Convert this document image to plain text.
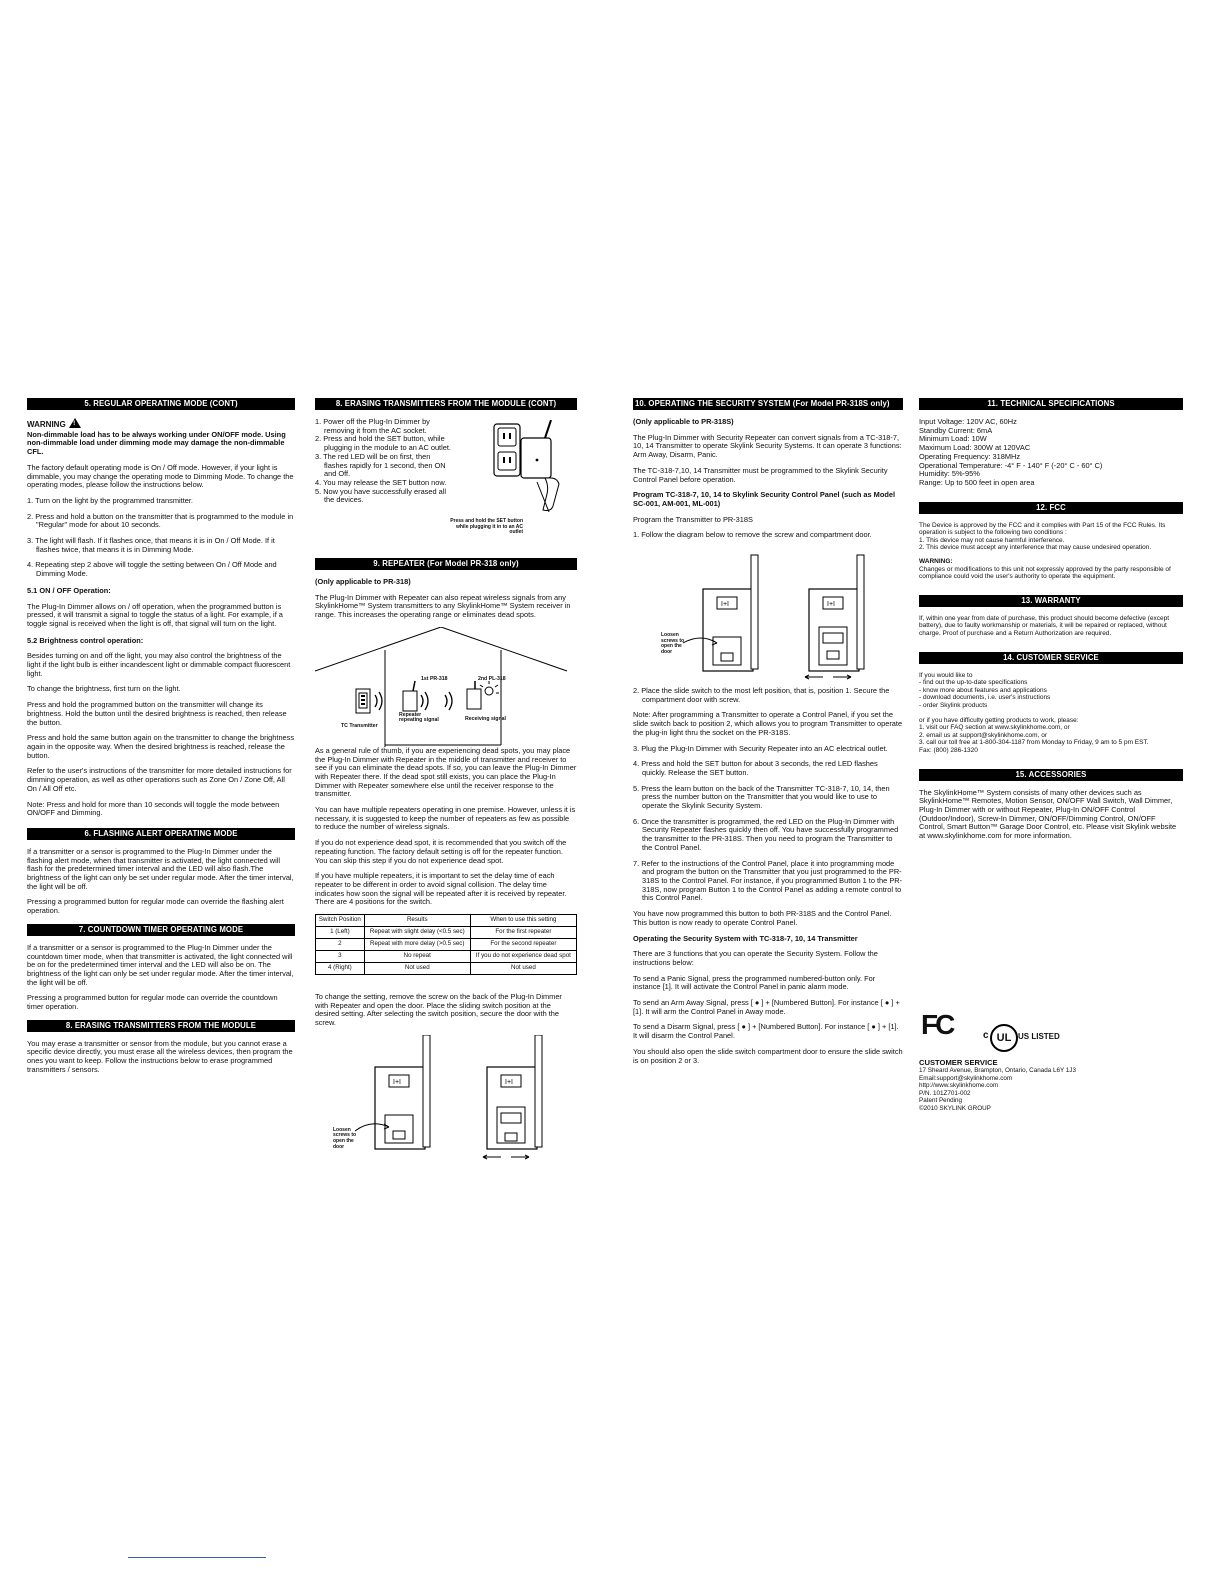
5. REGULAR OPERATING MODE (CONT)
WARNING!

Non-dimmable load has to be always working under ON/OFF mode. Using non-dimmable load under dimming mode may damage the non-dimmable CFL.

The factory default operating mode is On / Off mode. However, if your light is dimmable, you may change the operating mode to Dimming Mode. To change the operating modes, please follow the instructions below.

1. Turn on the light by the programmed transmitter.
2. Press and hold a button on the transmitter that is programmed to the module in "Regular" mode for about 10 seconds.
3. The light will flash. If it flashes once, that means it is in On / Off Mode. If it flashes twice, that means it is in Dimming Mode.
4. Repeating step 2 above will toggle the setting between On / Off Mode and Dimming Mode.
5.1 ON / OFF Operation:

The Plug-In Dimmer allows on / off operation, when the programmed button is pressed, it will transmit a signal to toggle the status of a light. For example, if a toggle signal is received when the light is off, that signal will turn on the light.

5.2 Brightness control operation:

Besides turning on and off the light, you may also control the brightness of the light if the light bulb is either incandescent light or dimmable compact fluorescent light.

To change the brightness, first turn on the light.

Press and hold the programmed button on the transmitter will change its brightness. Hold the button until the desired brightness is reached, then release the button.

Press and hold the same button again on the transmitter to change the brightness again in the opposite way. When the desired brightness is reached, release the button.

Refer to the user's instructions of the transmitter for more detailed instructions for dimming operation, as well as other operations such as Zone On / Zone Off, All On / All Off etc.

Note: Press and hold for more than 10 seconds will toggle the mode between ON/OFF and Dimming.

6. FLASHING ALERT OPERATING MODE

If a transmitter or a sensor is programmed to the Plug-In Dimmer under the flashing alert mode, when that transmitter is activated, the light connected will flash for the predetermined timer interval and the LED will also flash.The brightness of the light can only be set under regular mode. After the timer interval, the light will be off.

Pressing a programmed button for regular mode can override the flashing alert operation.

7. COUNTDOWN TIMER OPERATING MODE

If a transmitter or a sensor is programmed to the Plug-In Dimmer under the countdown timer mode, when that transmitter is activated, the light connected will be on for the predetermined timer interval and the LED will also be on. The brightness of the light can only be set under regular mode. After the timer interval, the light will be off.

Pressing a programmed button for regular mode can override the countdown timer operation.

8. ERASING TRANSMITTERS FROM THE MODULE

You may erase a transmitter or sensor from the module, but you cannot erase a specific device directly, you must erase all the wireless devices, then program the ones you want to keep. Follow the instructions below to erase programmed transmitters / sensors.

8. ERASING TRANSMITTERS FROM THE MODULE (CONT)
1. Power off the Plug-In Dimmer by removing it from the AC socket.
2. Press and hold the SET button, while plugging in the module to an AC outlet.
3. The red LED will be on first, then flashes rapidly for 1 second, then ON and Off.
4. You may release the SET button now.
5. Now you have successfully erased all the devices.
Press and hold the SET button while plugging it in to an AC outlet
9. REPEATER (For Model PR-318 only)

(Only applicable to PR-318)

The Plug-In Dimmer with Repeater can also repeat wireless signals from any SkylinkHome™ System transmitters to any SkylinkHome™ System receiver in range. This increases the operating range or eliminates dead spots.

1st PR-318	2nd PL-318
TC Transmitter
Repeater repeating signal	Receiving signal

As a general rule of thumb, if you are experiencing dead spots, you may place the Plug-In Dimmer with Repeater in the middle of transmitter and receiver to see if you can eliminate the dead spots. If so, you can leave the Plug-In Dimmer with Repeater there. If the dead spot still exists, you can place the Plug-In Dimmer with Repeater somewhere else until the receiver response to the transmitter.

You can have multiple repeaters operating in one premise. However, unless it is necessary, it is suggested to keep the number of repeaters as few as possible to reduce the number of wireless signals.

If you do not experience dead spot, it is recommended that you switch off the repeating function. The factory default setting is off for the repeater function. You can skip this step if you do not experience dead spot.

If you have multiple repeaters, it is important to set the delay time of each repeater to be different in order to avoid signal collision. The delay time indicates how soon the signal will be repeated after it is received by repeater. There are 4 positions for the switch.

Switch Position	Results	When to use this setting
1 (Left)	Repeat with slight delay (<0.5 sec)	For the first repeater
2	Repeat with more delay (>0.5 sec)	For the second repeater
3	No repeat	If you do not experience dead spot
4 (Right)	Not used	Not used

To change the setting, remove the screw on the back of the Plug-In Dimmer with Repeater and open the door. Place the sliding switch position at the desired setting. After selecting the switch position, secure the door with the screw.

I+I	I+I
Loosen screws to open the door
10. OPERATING THE SECURITY SYSTEM (For Model PR-318S only)

(Only applicable to PR-318S)

The Plug-In Dimmer with Security Repeater can convert signals from a TC-318-7, 10, 14 Transmitter to operate Skylink Security Systems. It can operate 3 functions: Arm Away, Disarm, Panic.

The TC-318-7,10, 14 Transmitter must be programmed to the Skylink Security Control Panel before operation.

Program TC-318-7, 10, 14 to Skylink Security Control Panel (such as Model SC-001, AM-001, ML-001)

Program the Transmitter to PR-318S

1. Follow the diagram below to remove the screw and compartment door.

I+I	I+I
Loosen screws to open the door
2. Place the slide switch to the most left position, that is, position 1. Secure the compartment door with screw.

Note: After programming a Transmitter to operate a Control Panel, if you set the slide switch back to position 2, which allows you to program Transmitter to operate the plug-in light thru the socket on the PR-318S.

3. Plug the Plug-In Dimmer with Security Repeater into an AC electrical outlet.
4. Press and hold the SET button for about 3 seconds, the red LED flashes quickly. Release the SET button.
5. Press the learn button on the back of the Transmitter TC-318-7, 10, 14, then press the number button on the Transmitter that you would like to use to operate the Skylink Security System.
6. Once the transmitter is programmed, the red LED on the Plug-In Dimmer with Security Repeater flashes quickly then off. You have successfully programmed the transmitter to the PR-318S. Then you need to program the Transmitter to the Control Panel.
7. Refer to the instructions of the Control Panel, place it into programming mode and program the button on the Transmitter that you just programmed to the PR-318S to the Control Panel. For instance, if you programmed Button 1 to the PR-318S, now program Button 1 to the Control Panel as adding a remote control to this Control Panel.

You have now programmed this button to both PR-318S and the Control Panel. This button is now ready to operate Control Panel.

Operating the Security System with TC-318-7, 10, 14 Transmitter

There are 3 functions that you can operate the Security System. Follow the instructions below:

To send a Panic Signal, press the programmed numbered-button only. For instance [1]. It will activate the Control Panel in panic alarm mode.

To send an Arm Away Signal, press [ ● ] + [Numbered Button]. For instance [ ● ] + [1]. It will arm the Control Panel in Away mode.

To send a Disarm Signal, press [ ● ] + [Numbered Button]. For instance [ ● ] + [1]. It will disarm the Control Panel.

You should also open the slide switch compartment door to ensure the slide switch is on position 2 or 3.

11. TECHNICAL SPECIFICATIONS
Input Voltage: 120V AC, 60Hz
Standby Current: 6mA
Minimum Load: 10W
Maximum Load: 300W at 120VAC
Operating Frequency: 318MHz
Operational Temperature: -4° F - 140° F (-20° C - 60° C)
Humidity: 5%-95%
Range: Up to 500 feet in open area
12. FCC
The Device is approved by the FCC and it complies with Part 15 of the FCC Rules. Its operation is subject to the following two conditions :
1. This device may not cause harmful interference.
2. This device must accept any interference that may cause undesired operation.
WARNING:
Changes or modifications to this unit not expressly approved by the party responsible of compliance could void the user's authority to operate the equipment.
13. WARRANTY
If, within one year from date of purchase, this product should become defective (except battery), due to faulty workmanship or materials, it will be repaired or replaced, without charge. Proof of purchase and a Return Authorization are required.
14. CUSTOMER SERVICE
If you would like to
- find out the up-to-date specifications
- know more about features and applications
- download documents, i.e. user's instructions
- order Skylink products
or if you have difficulty getting products to work, please:
1. visit our FAQ section at www.skylinkhome.com, or
2. email us at support@skylinkhome.com, or
3. call our toll free at 1-800-304-1187 from Monday to Friday, 9 am to 5 pm EST.
Fax: (800) 286-1320
15. ACCESSORIES
The SkylinkHome™ System consists of many other devices such as SkylinkHome™ Remotes, Motion Sensor, ON/OFF Wall Switch, Wall Dimmer, Plug-In Dimmer with or without Repeater, Plug-In ON/OFF Control (Outdoor/Indoor), Screw-In Dimmer, ON/OFF/Dimming Control, ON/OFF Control, Smart Button™ Garage Door Control, etc. Please visit Skylink website at www.skylinkhome.com for more information.
FC	c UL US LISTED
CUSTOMER SERVICE
17 Sheard Avenue, Brampton, Ontario, Canada L6Y 1J3
Email:support@skylinkhome.com
http://www.skylinkhome.com
P/N. 101Z701-002
Patent Pending
©2010 SKYLINK GROUP
